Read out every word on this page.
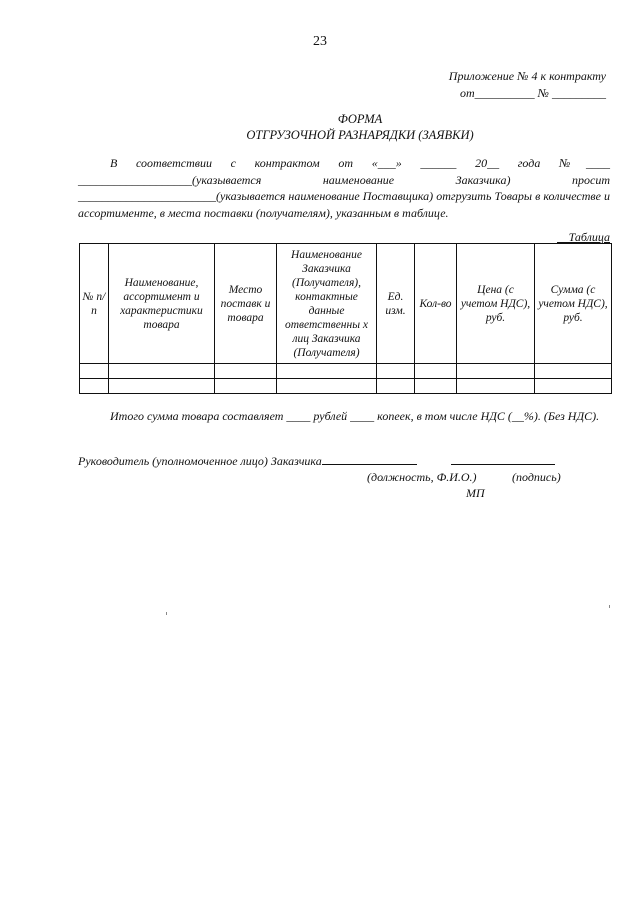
23
Приложение № 4 к контракту
от__________ № _________
ФОРМА
ОТГРУЗОЧНОЙ РАЗНАРЯДКИ (ЗАЯВКИ)
В соответствии с контрактом от «___» ______ 20__ года №____
___________________(указывается наименование Заказчика) просит
_______________________(указывается наименование Поставщика) отгрузить Товары в количестве и ассортименте, в места поставки (получателям), указанным в таблице.
Таблица
№ п/п	Наименование, ассортимент и характеристики товара	Место поставк и товара	Наименование Заказчика (Получателя), контактные данные ответственны х лиц Заказчика (Получателя)	Ед. изм.	Кол-во	Цена (с учетом НДС), руб.	Сумма (с учетом НДС), руб.

Итого сумма товара составляет ____ рублей ____ копеек, в том числе НДС (__%). (Без НДС).
Руководитель (уполномоченное лицо) Заказчика
(должность, Ф.И.О.)	(подпись)
МП
